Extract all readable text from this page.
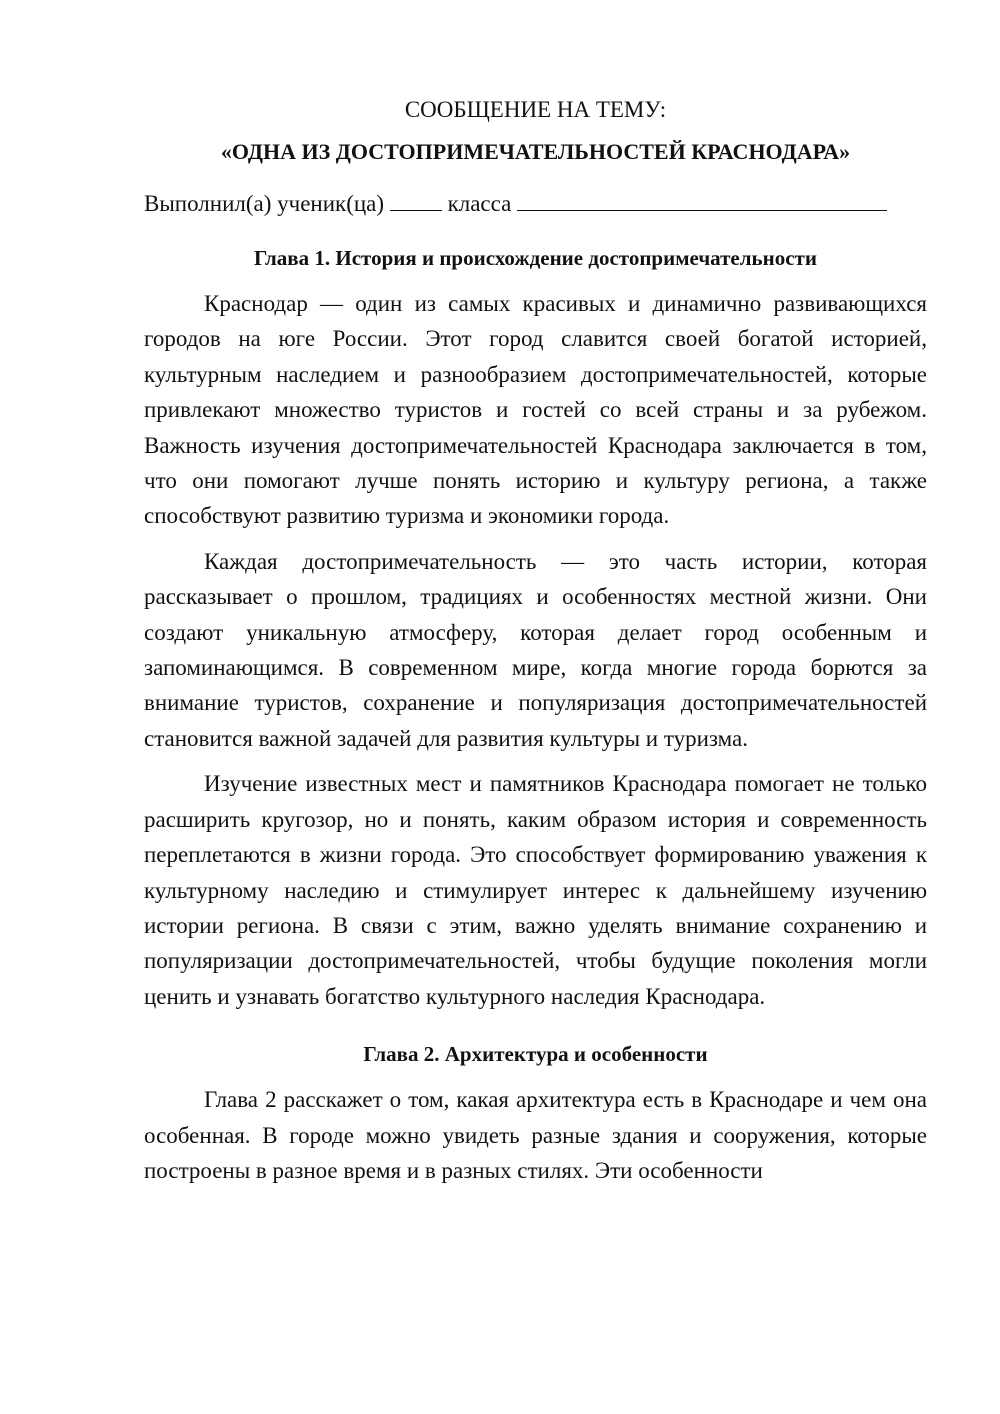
СООБЩЕНИЕ НА ТЕМУ:

«ОДНА ИЗ ДОСТОПРИМЕЧАТЕЛЬНОСТЕЙ КРАСНОДАРА»

Выполнил(а) ученик(ца)	класса

Глава 1. История и происхождение достопримечательности

Краснодар — один из самых красивых и динамично развивающихся городов на юге России. Этот город славится своей богатой историей, культурным наследием и разнообразием достопримечательностей, которые привлекают множество туристов и гостей со всей страны и за рубежом. Важность изучения достопримечательностей Краснодара заключается в том, что они помогают лучше понять историю и культуру региона, а также способствуют развитию туризма и экономики города.

Каждая достопримечательность — это часть истории, которая рассказывает о прошлом, традициях и особенностях местной жизни. Они создают уникальную атмосферу, которая делает город особенным и запоминающимся. В современном мире, когда многие города борются за внимание туристов, сохранение и популяризация достопримечательностей становится важной задачей для развития культуры и туризма.

Изучение известных мест и памятников Краснодара помогает не только расширить кругозор, но и понять, каким образом история и современность переплетаются в жизни города. Это способствует формированию уважения к культурному наследию и стимулирует интерес к дальнейшему изучению истории региона. В связи с этим, важно уделять внимание сохранению и популяризации достопримечательностей, чтобы будущие поколения могли ценить и узнавать богатство культурного наследия Краснодара.

Глава 2. Архитектура и особенности

Глава 2 расскажет о том, какая архитектура есть в Краснодаре и чем она особенная. В городе можно увидеть разные здания и сооружения, которые построены в разное время и в разных стилях. Эти особенности
